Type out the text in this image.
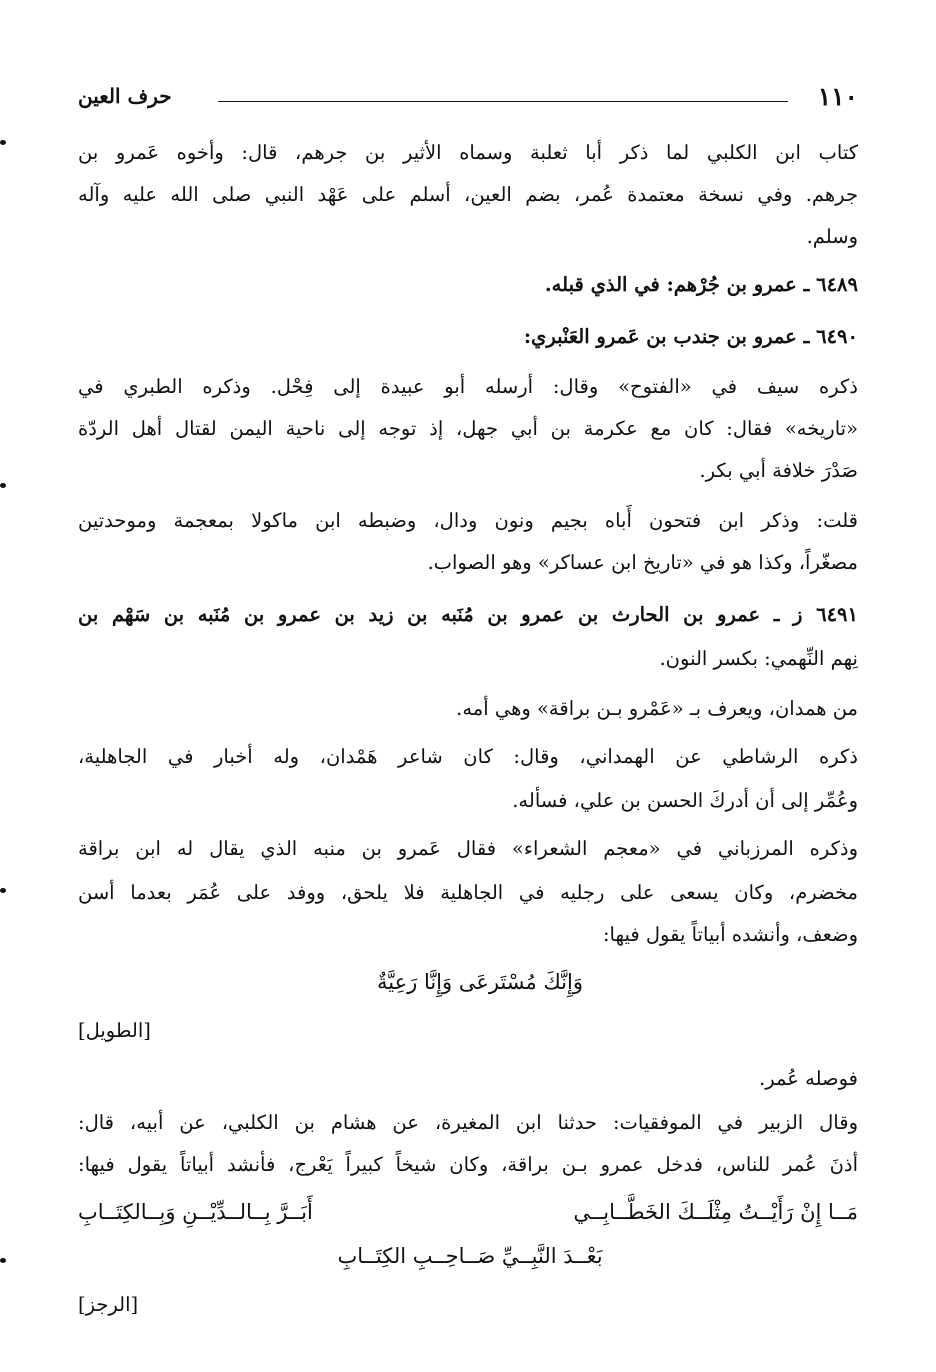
١١٠
حرف العين
كتاب ابن الكلبي لما ذكر أبا ثعلبة وسماه الأثير بن جرهم، قال: وأخوه عَمرو بن
جرهم. وفي نسخة معتمدة عُمر، بضم العين، أسلم على عَهْد النبي صلى الله عليه وآله
وسلم.
٦٤٨٩ ـ عمرو بن جُرْهم: في الذي قبله.
٦٤٩٠ ـ عمرو بن جندب بن عَمرو العَنْبري:
ذكره سيف في «الفتوح» وقال: أرسله أبو عبيدة إلى فِحْل. وذكره الطبري في
«تاريخه» فقال: كان مع عكرمة بن أبي جهل، إذ توجه إلى ناحية اليمن لقتال أهل الردّة
صَدْرَ خلافة أبي بكر.
قلت: وذكر ابن فتحون أَباه بجيم ونون ودال، وضبطه ابن ماكولا بمعجمة وموحدتين
مصغّراً، وكذا هو في «تاريخ ابن عساكر» وهو الصواب.
٦٤٩١ ز ـ عمرو بن الحارث بن عمرو بن مُنَبه بن زيد بن عمرو بن مُنَبه بن سَهْم بن
نِهم النِّهمي: بكسر النون.
من همدان، ويعرف بـ «عَمْرو بـن براقة» وهي أمه.
ذكره الرشاطي عن الهمداني، وقال: كان شاعر هَمْدان، وله أخبار في الجاهلية،
وعُمِّر إلى أن أدركَ الحسن بن علي، فسأله.
وذكره المرزباني في «معجم الشعراء» فقال عَمرو بن منبه الذي يقال له ابن براقة
مخضرم، وكان يسعى على رجليه في الجاهلية فلا يلحق، ووفد على عُمَر بعدما أسن
وضعف، وأنشده أبياتاً يقول فيها:
وَإِنَّكَ مُسْتَرعَى وَإِنَّا رَعِيَّةٌ
[الطويل]
فوصله عُمر.
وقال الزبير في الموفقيات: حدثنا ابن المغيرة، عن هشام بن الكلبي، عن أبيه، قال:
أذنَ عُمر للناس، فدخل عمرو بـن براقة، وكان شيخاً كبيراً يَعْرج، فأنشد أبياتاً يقول فيها:
مَــا إِنْ رَأَيْــتُ مِثْلَــكَ الخَطَّــابِــي
أَبَــرَّ بِــالــدِّيْــنِ وَبِــالكِتَــابِ
بَعْــدَ النَّبِــيِّ صَــاحِــبِ الكِتَــابِ
[الرجز]
